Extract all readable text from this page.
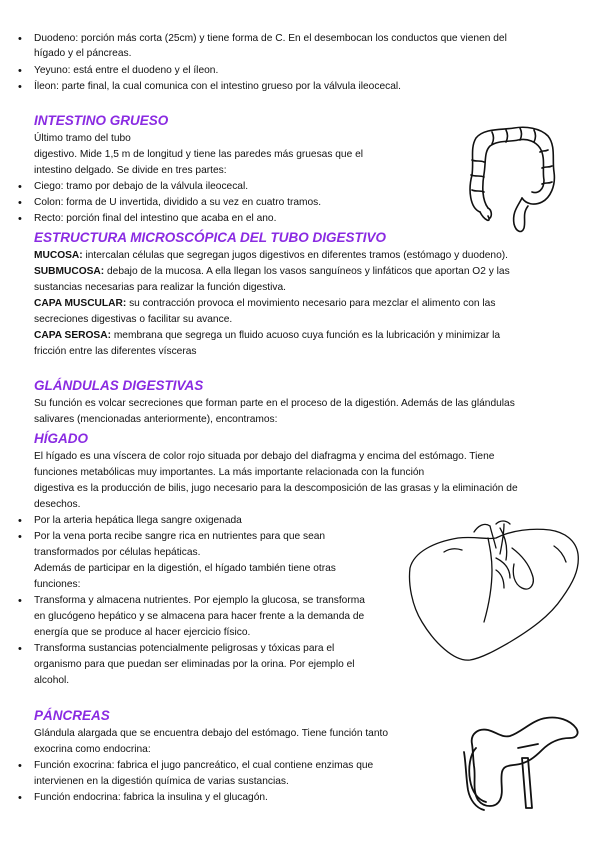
• Duodeno: porción más corta (25cm) y tiene forma de C. En el desembocan los conductos que vienen del
hígado y el páncreas.
• Yeyuno: está entre el duodeno y el íleon.
• Íleon: parte final, la cual comunica con el intestino grueso por la válvula ileocecal.
INTESTINO GRUESO
Último tramo del tubo
digestivo. Mide 1,5 m de longitud y tiene las paredes más gruesas que el
intestino delgado. Se divide en tres partes:
• Ciego: tramo por debajo de la válvula ileocecal.
• Colon: forma de U invertida, dividido a su vez en cuatro tramos.
• Recto: porción final del intestino que acaba en el ano.
ESTRUCTURA MICROSCÓPICA DEL TUBO DIGESTIVO
MUCOSA: intercalan células que segregan jugos digestivos en diferentes tramos (estómago y duodeno).
SUBMUCOSA: debajo de la mucosa. A ella llegan los vasos sanguíneos y linfáticos que aportan O2 y las
sustancias necesarias para realizar la función digestiva.
CAPA MUSCULAR: su contracción provoca el movimiento necesario para mezclar el alimento con las
secreciones digestivas o facilitar su avance.
CAPA SEROSA: membrana que segrega un fluido acuoso cuya función es la lubricación y minimizar la
fricción entre las diferentes vísceras
GLÁNDULAS DIGESTIVAS
Su función es volcar secreciones que forman parte en el proceso de la digestión. Además de las glándulas
salivares (mencionadas anteriormente), encontramos:
HÍGADO
El hígado es una víscera de color rojo situada por debajo del diafragma y encima del estómago. Tiene
funciones metabólicas muy importantes. La más importante relacionada con la función
digestiva es la producción de bilis, jugo necesario para la descomposición de las grasas y la eliminación de
desechos.
• Por la arteria hepática llega sangre oxigenada
• Por la vena porta recibe sangre rica en nutrientes para que sean
transformados por células hepáticas.
Además de participar en la digestión, el hígado también tiene otras
funciones:
• Transforma y almacena nutrientes. Por ejemplo la glucosa, se transforma
en glucógeno hepático y se almacena para hacer frente a la demanda de
energía que se produce al hacer ejercicio físico.
• Transforma sustancias potencialmente peligrosas y tóxicas para el
organismo para que puedan ser eliminadas por la orina. Por ejemplo el
alcohol.
PÁNCREAS
Glándula alargada que se encuentra debajo del estómago. Tiene función tanto
exocrina como endocrina:
• Función exocrina: fabrica el jugo pancreático, el cual contiene enzimas que
intervienen en la digestión química de varias sustancias.
• Función endocrina: fabrica la insulina y el glucagón.
